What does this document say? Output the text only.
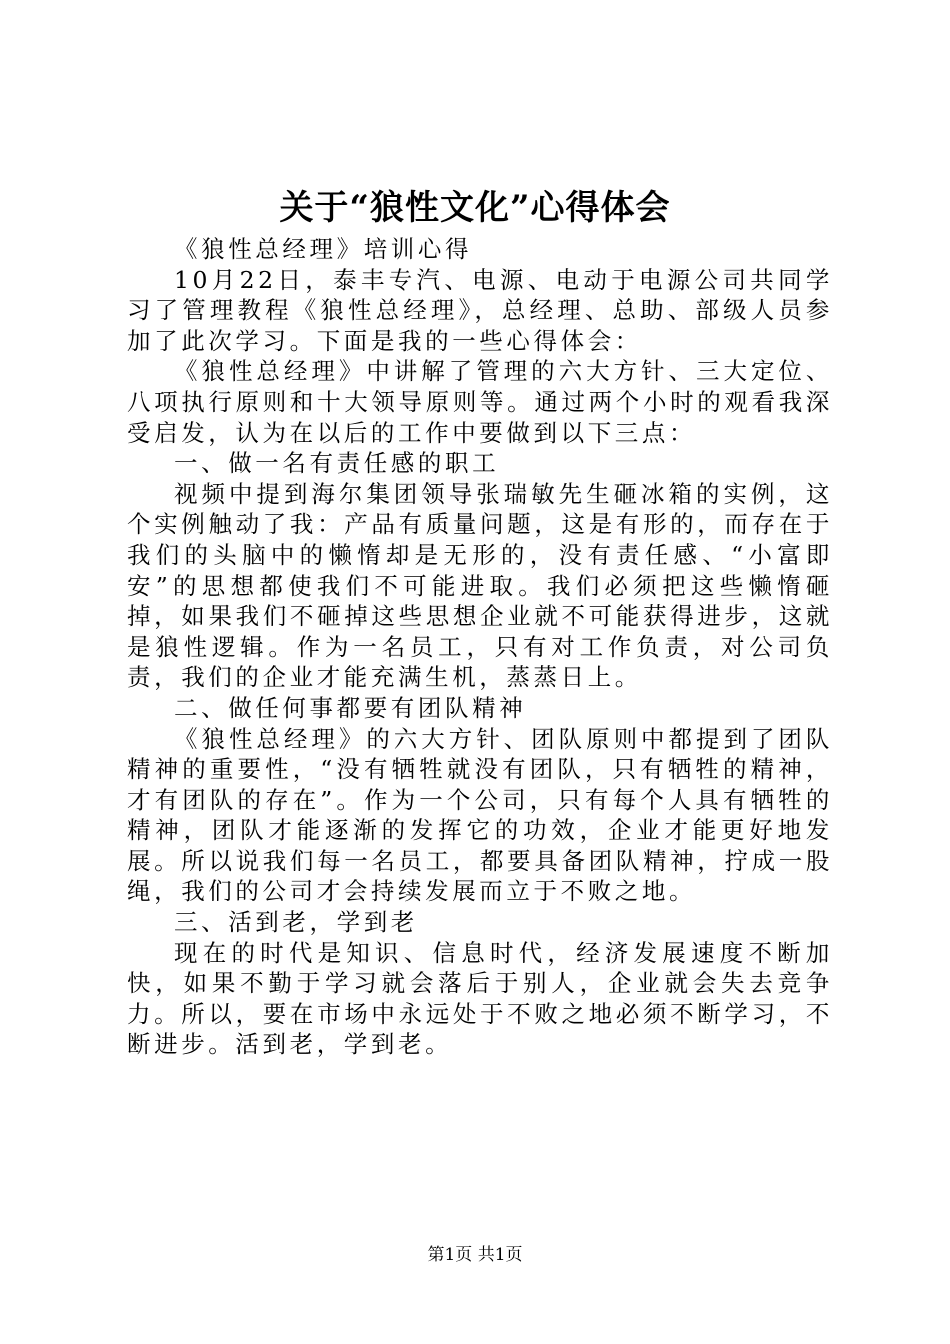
关于“狼性文化”心得体会

《狼性总经理》培训心得

10月22日，泰丰专汽、电源、电动于电源公司共同学习了管理教程《狼性总经理》，总经理、总助、部级人员参加了此次学习。下面是我的一些心得体会：

《狼性总经理》中讲解了管理的六大方针、三大定位、八项执行原则和十大领导原则等。通过两个小时的观看我深受启发，认为在以后的工作中要做到以下三点：

一、做一名有责任感的职工

视频中提到海尔集团领导张瑞敏先生砸冰箱的实例，这个实例触动了我：产品有质量问题，这是有形的，而存在于我们的头脑中的懒惰却是无形的，没有责任感、“小富即安”的思想都使我们不可能进取。我们必须把这些懒惰砸掉，如果我们不砸掉这些思想企业就不可能获得进步，这就是狼性逻辑。作为一名员工，只有对工作负责，对公司负责，我们的企业才能充满生机，蒸蒸日上。

二、做任何事都要有团队精神

《狼性总经理》的六大方针、团队原则中都提到了团队精神的重要性，“没有牺牲就没有团队，只有牺牲的精神，才有团队的存在”。作为一个公司，只有每个人具有牺牲的精神，团队才能逐渐的发挥它的功效，企业才能更好地发展。所以说我们每一名员工，都要具备团队精神，拧成一股绳，我们的公司才会持续发展而立于不败之地。

三、活到老，学到老

现在的时代是知识、信息时代，经济发展速度不断加快，如果不勤于学习就会落后于别人，企业就会失去竞争力。所以，要在市场中永远处于不败之地必须不断学习，不断进步。活到老，学到老。

第1页 共1页
